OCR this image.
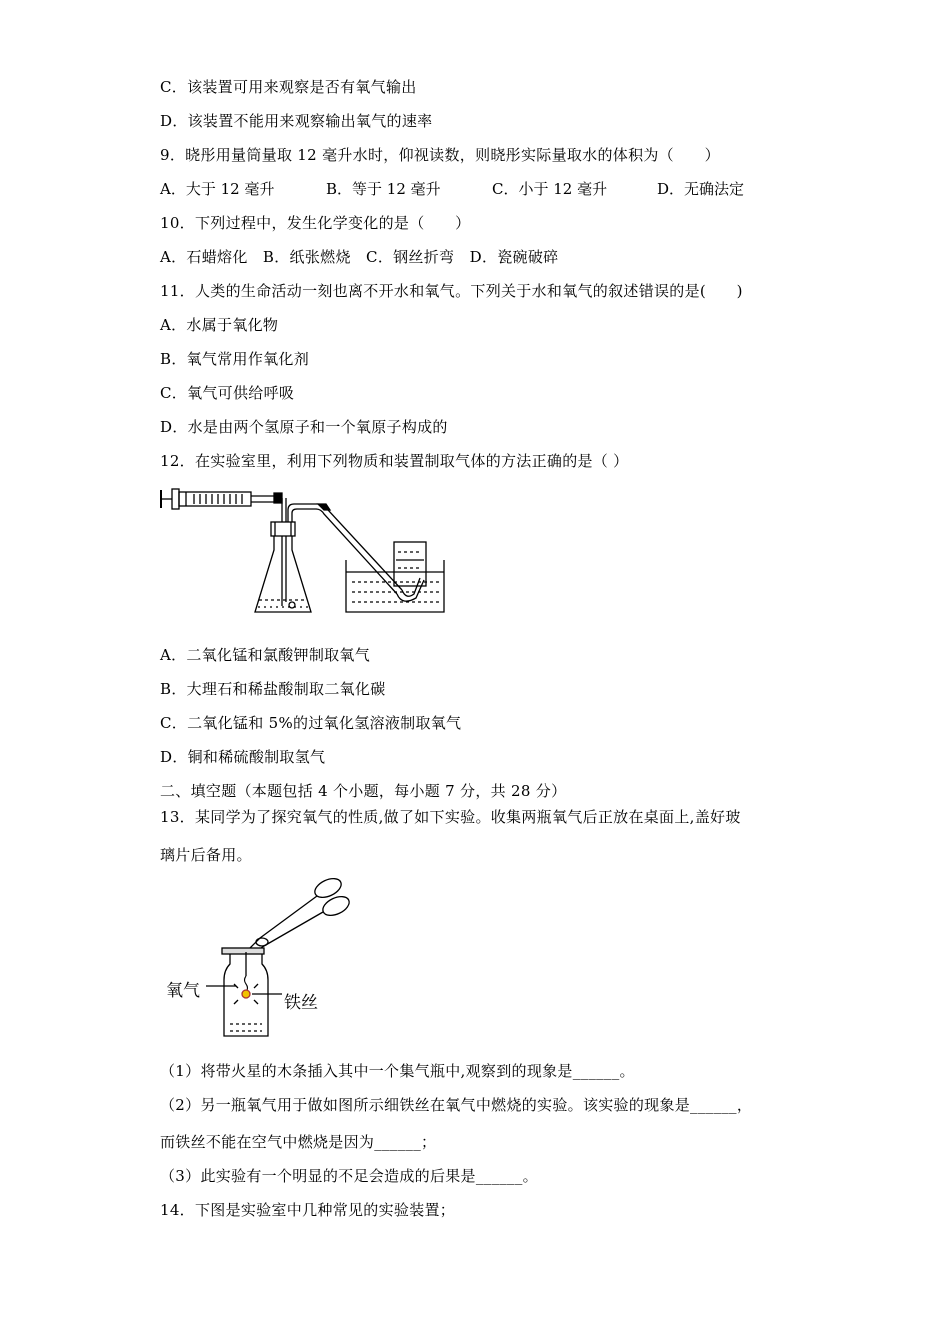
C．该装置可用来观察是否有氧气输出
D．该装置不能用来观察输出氧气的速率
9．晓彤用量筒量取 12 毫升水时，仰视读数，则晓彤实际量取水的体积为（　　）
A．大于 12 毫升	B．等于 12 毫升	C．小于 12 毫升	D．无确法定
10．下列过程中，发生化学变化的是（　　）
A．石蜡熔化　B．纸张燃烧　C．钢丝折弯　D．瓷碗破碎
11．人类的生命活动一刻也离不开水和氧气。下列关于水和氧气的叙述错误的是(　　)
A．水属于氧化物
B．氧气常用作氧化剂
C．氧气可供给呼吸
D．水是由两个氢原子和一个氧原子构成的
12．在实验室里，利用下列物质和装置制取气体的方法正确的是（ ）
A．二氧化锰和氯酸钾制取氧气
B．大理石和稀盐酸制取二氧化碳
C．二氧化锰和 5%的过氧化氢溶液制取氧气
D．铜和稀硫酸制取氢气
二、填空题（本题包括 4 个小题，每小题 7 分，共 28 分）
13．某同学为了探究氧气的性质,做了如下实验。收集两瓶氧气后正放在桌面上,盖好玻
璃片后备用。
氧气
铁丝
（1）将带火星的木条插入其中一个集气瓶中,观察到的现象是______。
（2）另一瓶氧气用于做如图所示细铁丝在氧气中燃烧的实验。该实验的现象是______，
而铁丝不能在空气中燃烧是因为______；
（3）此实验有一个明显的不足会造成的后果是______。
14．下图是实验室中几种常见的实验装置；
